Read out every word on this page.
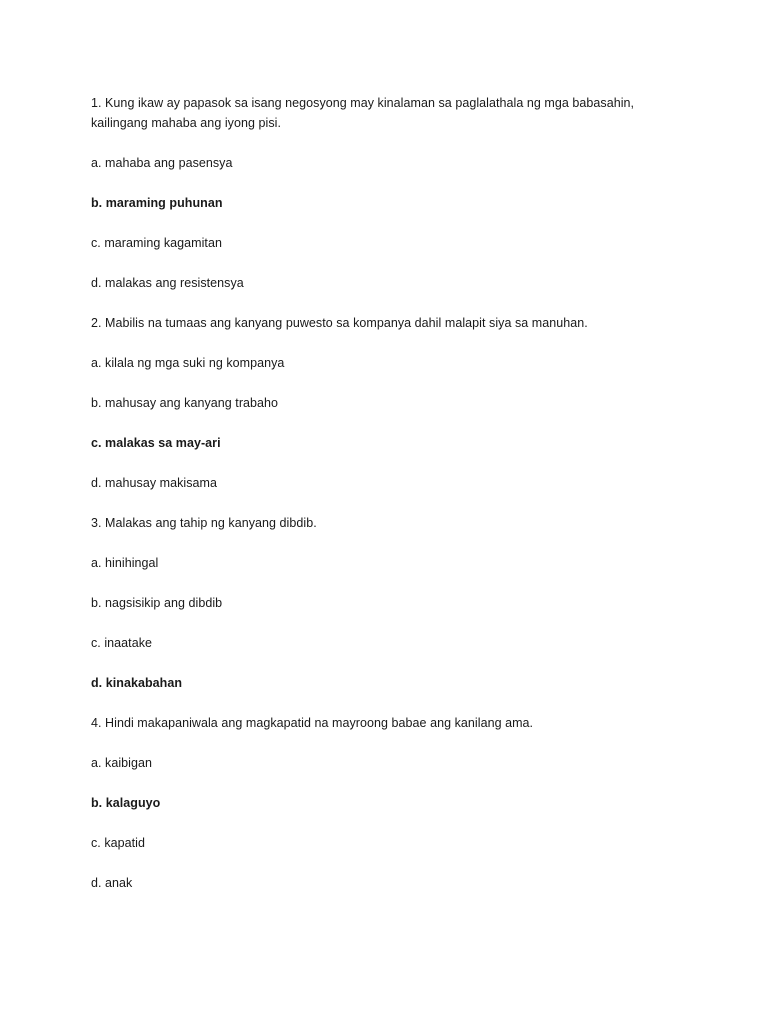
1. Kung ikaw ay papasok sa isang negosyong may kinalaman sa paglalathala ng mga babasahin, kailingang mahaba ang iyong pisi.
a. mahaba ang pasensya
b. maraming puhunan
c. maraming kagamitan
d. malakas ang resistensya
2. Mabilis na tumaas ang kanyang puwesto sa kompanya dahil malapit siya sa manuhan.
a. kilala ng mga suki ng kompanya
b. mahusay ang kanyang trabaho
c. malakas sa may-ari
d. mahusay makisama
3. Malakas ang tahip ng kanyang dibdib.
a. hinihingal
b. nagsisikip ang dibdib
c. inaatake
d. kinakabahan
4. Hindi makapaniwala ang magkapatid na mayroong babae ang kanilang ama.
a. kaibigan
b. kalaguyo
c. kapatid
d. anak
